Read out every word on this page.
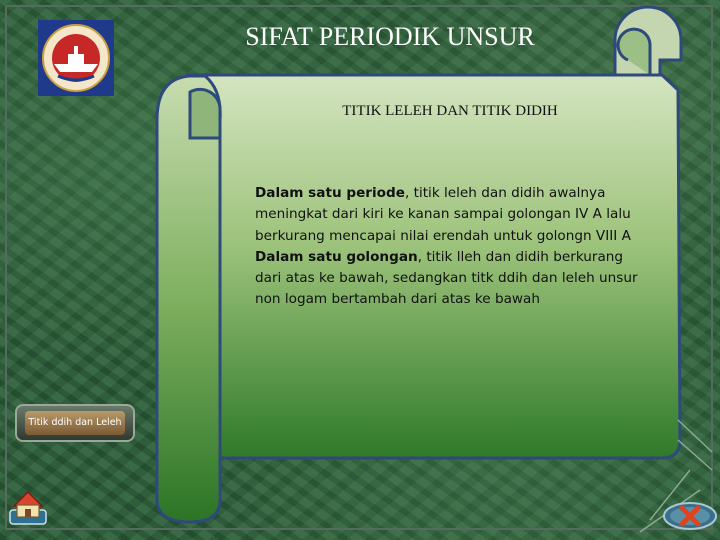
SIFAT PERIODIK UNSUR
TITIK LELEH DAN TITIK DIDIH

Dalam satu periode, titik leleh dan didih awalnya meningkat dari kiri ke kanan sampai golongan IV A lalu berkurang mencapai nilai erendah untuk golongn VIII A

Dalam satu golongan, titik lleh dan didih berkurang dari atas ke bawah, sedangkan titk ddih dan leleh unsur non logam bertambah dari atas ke bawah

Titik ddih dan Leleh
